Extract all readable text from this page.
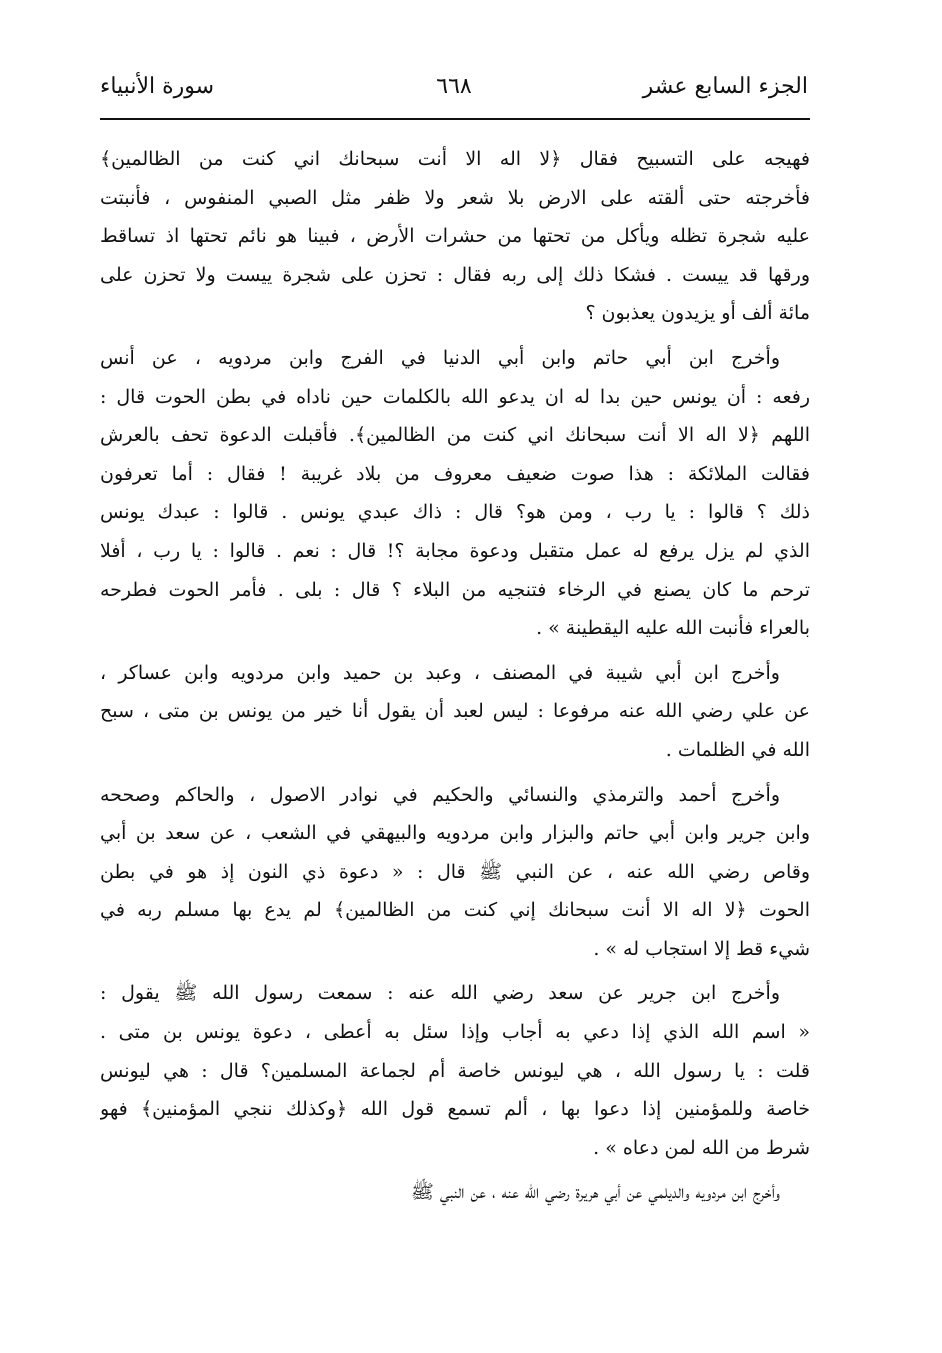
الجزء السابع عشر
٦٦٨
سورة الأنبياء
فهيجه على التسبيح فقال ﴿لا اله الا أنت سبحانك اني كنت من الظالمين﴾
فأخرجته حتى ألقته على الارض بلا شعر ولا ظفر مثل الصبي المنفوس ، فأنبتت
عليه شجرة تظله ويأكل من تحتها من حشرات الأرض ، فبينا هو نائم تحتها اذ تساقط
ورقها قد ييست . فشكا ذلك إلى ربه فقال : تحزن على شجرة ييست ولا تحزن على
مائة ألف أو يزيدون يعذبون ؟
وأخرج ابن أبي حاتم وابن أبي الدنيا في الفرج وابن مردويه ، عن أنس
رفعه : أن يونس حين بدا له ان يدعو الله بالكلمات حين ناداه في بطن الحوت قال :
اللهم ﴿لا اله الا أنت سبحانك اني كنت من الظالمين﴾. فأقبلت الدعوة تحف بالعرش
فقالت الملائكة : هذا صوت ضعيف معروف من بلاد غريبة ! فقال : أما تعرفون
ذلك ؟ قالوا : يا رب ، ومن هو؟ قال : ذاك عبدي يونس . قالوا : عبدك يونس
الذي لم يزل يرفع له عمل متقبل ودعوة مجابة ؟! قال : نعم . قالوا : يا رب ، أفلا
ترحم ما كان يصنع في الرخاء فتنجيه من البلاء ؟ قال : بلى . فأمر الحوت فطرحه
بالعراء فأنبت الله عليه اليقطينة » .
وأخرج ابن أبي شيبة في المصنف ، وعبد بن حميد وابن مردويه وابن عساكر ،
عن علي رضي الله عنه مرفوعا : ليس لعبد أن يقول أنا خير من يونس بن متى ، سبح
الله في الظلمات .
وأخرج أحمد والترمذي والنسائي والحكيم في نوادر الاصول ، والحاكم وصححه
وابن جرير وابن أبي حاتم والبزار وابن مردويه والبيهقي في الشعب ، عن سعد بن أبي
وقاص رضي الله عنه ، عن النبي ﷺ قال : « دعوة ذي النون إذ هو في بطن
الحوت ﴿لا اله الا أنت سبحانك إني كنت من الظالمين﴾ لم يدع بها مسلم ربه في
شيء قط إلا استجاب له » .
وأخرج ابن جرير عن سعد رضي الله عنه : سمعت رسول الله ﷺ يقول :
« اسم الله الذي إذا دعي به أجاب وإذا سئل به أعطى ، دعوة يونس بن متى .
قلت : يا رسول الله ، هي ليونس خاصة أم لجماعة المسلمين؟ قال : هي ليونس
خاصة وللمؤمنين إذا دعوا بها ، ألم تسمع قول الله ﴿وكذلك ننجي المؤمنين﴾ فهو
شرط من الله لمن دعاه » .
وأخرج ابن مردويه والديلمي عن أبي هريرة رضي الله عنه ، عن النبي ﷺ
